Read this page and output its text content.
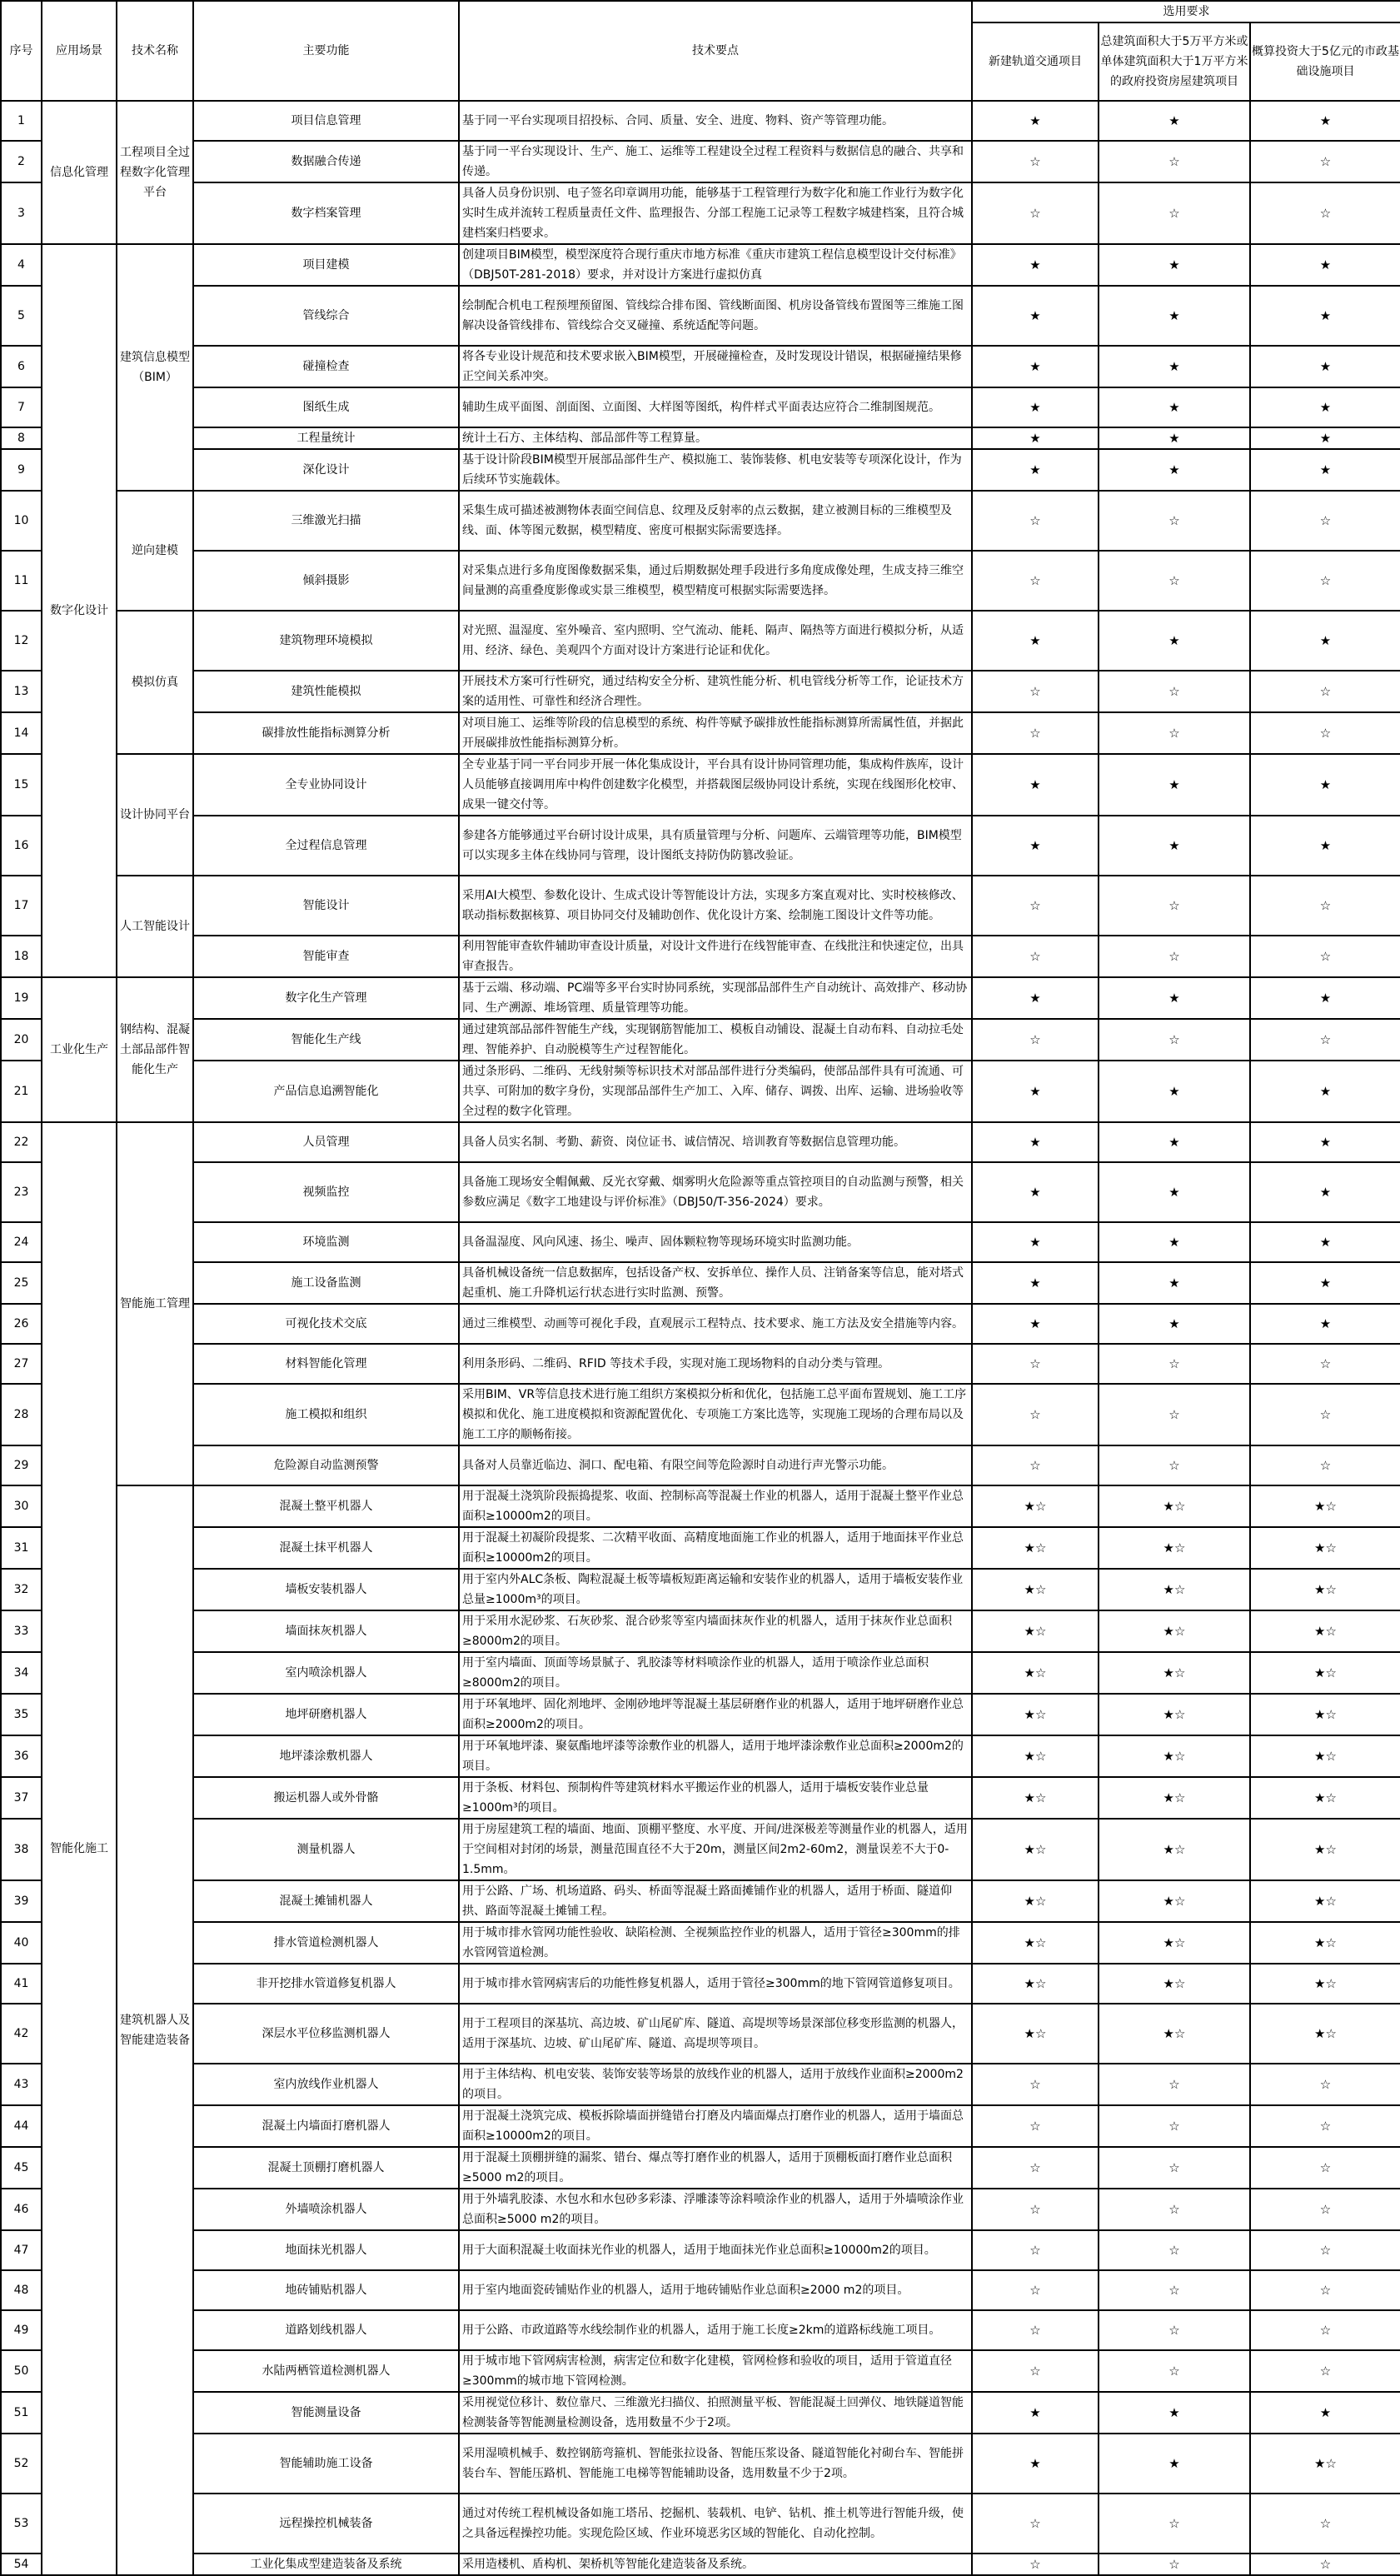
序号	应用场景	技术名称	主要功能	技术要点	选用要求		
					新建轨道交通项目	总建筑面积大于5万平方米或单体建筑面积大于1万平方米的政府投资房屋建筑项目	概算投资大于5亿元的市政基础设施项目
1	信息化管理	工程项目全过程数字化管理平台	项目信息管理	基于同一平台实现项目招投标、合同、质量、安全、进度、物料、资产等管理功能。	★	★	★
2			数据融合传递	基于同一平台实现设计、生产、施工、运维等工程建设全过程工程资料与数据信息的融合、共享和传递。	☆	☆	☆
3			数字档案管理	具备人员身份识别、电子签名印章调用功能，能够基于工程管理行为数字化和施工作业行为数字化实时生成并流转工程质量责任文件、监理报告、分部工程施工记录等工程数字城建档案，且符合城建档案归档要求。	☆	☆	☆
4	数字化设计	建筑信息模型（BIM）	项目建模	创建项目BIM模型，模型深度符合现行重庆市地方标准《重庆市建筑工程信息模型设计交付标准》（DBJ50T-281-2018）要求，并对设计方案进行虚拟仿真	★	★	★
5			管线综合	绘制配合机电工程预埋预留图、管线综合排布图、管线断面图、机房设备管线布置图等三维施工图解决设备管线排布、管线综合交叉碰撞、系统适配等问题。	★	★	★
6			碰撞检查	将各专业设计规范和技术要求嵌入BIM模型，开展碰撞检查，及时发现设计错误，根据碰撞结果修正空间关系冲突。	★	★	★
7			图纸生成	辅助生成平面图、剖面图、立面图、大样图等图纸，构件样式平面表达应符合二维制图规范。	★	★	★
8			工程量统计	统计土石方、主体结构、部品部件等工程算量。	★	★	★
9			深化设计	基于设计阶段BIM模型开展部品部件生产、模拟施工、装饰装修、机电安装等专项深化设计，作为后续环节实施载体。	★	★	★
10		逆向建模	三维激光扫描	采集生成可描述被测物体表面空间信息、纹理及反射率的点云数据，建立被测目标的三维模型及线、面、体等图元数据，模型精度、密度可根据实际需要选择。	☆	☆	☆
11			倾斜摄影	对采集点进行多角度图像数据采集，通过后期数据处理手段进行多角度成像处理，生成支持三维空间量测的高重叠度影像或实景三维模型，模型精度可根据实际需要选择。	☆	☆	☆
12		模拟仿真	建筑物理环境模拟	对光照、温湿度、室外噪音、室内照明、空气流动、能耗、隔声、隔热等方面进行模拟分析，从适用、经济、绿色、美观四个方面对设计方案进行论证和优化。	★	★	★
13			建筑性能模拟	开展技术方案可行性研究，通过结构安全分析、建筑性能分析、机电管线分析等工作，论证技术方案的适用性、可靠性和经济合理性。	☆	☆	☆
14			碳排放性能指标测算分析	对项目施工、运维等阶段的信息模型的系统、构件等赋予碳排放性能指标测算所需属性值，并据此开展碳排放性能指标测算分析。	☆	☆	☆
15		设计协同平台	全专业协同设计	全专业基于同一平台同步开展一体化集成设计，平台具有设计协同管理功能，集成构件族库，设计人员能够直接调用库中构件创建数字化模型，并搭载图层级协同设计系统，实现在线图形化校审、成果一键交付等。	★	★	★
16			全过程信息管理	参建各方能够通过平台研讨设计成果，具有质量管理与分析、问题库、云端管理等功能，BIM模型可以实现多主体在线协同与管理，设计图纸支持防伪防篡改验证。	★	★	★
17		人工智能设计	智能设计	采用AI大模型、参数化设计、生成式设计等智能设计方法，实现多方案直观对比、实时校核修改、联动指标数据核算、项目协同交付及辅助创作、优化设计方案、绘制施工图设计文件等功能。	☆	☆	☆
18			智能审查	利用智能审查软件辅助审查设计质量，对设计文件进行在线智能审查、在线批注和快速定位，出具审查报告。	☆	☆	☆
19	工业化生产	钢结构、混凝土部品部件智能化生产	数字化生产管理	基于云端、移动端、PC端等多平台实时协同系统，实现部品部件生产自动统计、高效排产、移动协同、生产溯源、堆场管理、质量管理等功能。	★	★	★
20			智能化生产线	通过建筑部品部件智能生产线，实现钢筋智能加工、模板自动铺设、混凝土自动布料、自动拉毛处理、智能养护、自动脱模等生产过程智能化。	☆	☆	☆
21			产品信息追溯智能化	通过条形码、二维码、无线射频等标识技术对部品部件进行分类编码，使部品部件具有可流通、可共享、可附加的数字身份，实现部品部件生产加工、入库、储存、调拨、出库、运输、进场验收等全过程的数字化管理。	★	★	★
22	智能化施工	智能施工管理	人员管理	具备人员实名制、考勤、薪资、岗位证书、诚信情况、培训教育等数据信息管理功能。	★	★	★
23			视频监控	具备施工现场安全帽佩戴、反光衣穿戴、烟雾明火危险源等重点管控项目的自动监测与预警，相关参数应满足《数字工地建设与评价标准》（DBJ50/T-356-2024）要求。	★	★	★
24			环境监测	具备温湿度、风向风速、扬尘、噪声、固体颗粒物等现场环境实时监测功能。	★	★	★
25			施工设备监测	具备机械设备统一信息数据库，包括设备产权、安拆单位、操作人员、注销备案等信息，能对塔式起重机、施工升降机运行状态进行实时监测、预警。	★	★	★
26			可视化技术交底	通过三维模型、动画等可视化手段，直观展示工程特点、技术要求、施工方法及安全措施等内容。	★	★	★
27			材料智能化管理	利用条形码、二维码、RFID 等技术手段，实现对施工现场物料的自动分类与管理。	☆	☆	☆
28			施工模拟和组织	采用BIM、VR等信息技术进行施工组织方案模拟分析和优化，包括施工总平面布置规划、施工工序模拟和优化、施工进度模拟和资源配置优化、专项施工方案比选等，实现施工现场的合理布局以及施工工序的顺畅衔接。	☆	☆	☆
29			危险源自动监测预警	具备对人员靠近临边、洞口、配电箱、有限空间等危险源时自动进行声光警示功能。	☆	☆	☆
30		建筑机器人及智能建造装备	混凝土整平机器人	用于混凝土浇筑阶段振捣提浆、收面、控制标高等混凝土作业的机器人，适用于混凝土整平作业总面积≥10000m2的项目。	★☆	★☆	★☆
31			混凝土抹平机器人	用于混凝土初凝阶段提浆、二次精平收面、高精度地面施工作业的机器人，适用于地面抹平作业总面积≥10000m2的项目。	★☆	★☆	★☆
32			墙板安装机器人	用于室内外ALC条板、陶粒混凝土板等墙板短距离运输和安装作业的机器人，适用于墙板安装作业总量≥1000m³的项目。	★☆	★☆	★☆
33			墙面抹灰机器人	用于采用水泥砂浆、石灰砂浆、混合砂浆等室内墙面抹灰作业的机器人，适用于抹灰作业总面积≥8000m2的项目。	★☆	★☆	★☆
34			室内喷涂机器人	用于室内墙面、顶面等场景腻子、乳胶漆等材料喷涂作业的机器人，适用于喷涂作业总面积≥8000m2的项目。	★☆	★☆	★☆
35			地坪研磨机器人	用于环氧地坪、固化剂地坪、金刚砂地坪等混凝土基层研磨作业的机器人，适用于地坪研磨作业总面积≥2000m2的项目。	★☆	★☆	★☆
36			地坪漆涂敷机器人	用于环氧地坪漆、聚氨酯地坪漆等涂敷作业的机器人，适用于地坪漆涂敷作业总面积≥2000m2的项目。	★☆	★☆	★☆
37			搬运机器人或外骨骼	用于条板、材料包、预制构件等建筑材料水平搬运作业的机器人，适用于墙板安装作业总量≥1000m³的项目。	★☆	★☆	★☆
38			测量机器人	用于房屋建筑工程的墙面、地面、顶棚平整度、水平度、开间/进深极差等测量作业的机器人，适用于空间相对封闭的场景，测量范围直径不大于20m，测量区间2m2-60m2，测量误差不大于0-1.5mm。	★☆	★☆	★☆
39			混凝土摊铺机器人	用于公路、广场、机场道路、码头、桥面等混凝土路面摊铺作业的机器人，适用于桥面、隧道仰拱、路面等混凝土摊铺工程。	★☆	★☆	★☆
40			排水管道检测机器人	用于城市排水管网功能性验收、缺陷检测、全视频监控作业的机器人，适用于管径≥300mm的排水管网管道检测。	★☆	★☆	★☆
41			非开挖排水管道修复机器人	用于城市排水管网病害后的功能性修复机器人，适用于管径≥300mm的地下管网管道修复项目。	★☆	★☆	★☆
42			深层水平位移监测机器人	用于工程项目的深基坑、高边坡、矿山尾矿库、隧道、高堤坝等场景深部位移变形监测的机器人，适用于深基坑、边坡、矿山尾矿库、隧道、高堤坝等项目。	★☆	★☆	★☆
43			室内放线作业机器人	用于主体结构、机电安装、装饰安装等场景的放线作业的机器人，适用于放线作业面积≥2000m2的项目。	☆	☆	☆
44			混凝土内墙面打磨机器人	用于混凝土浇筑完成、模板拆除墙面拼缝错台打磨及内墙面爆点打磨作业的机器人，适用于墙面总面积≥10000m2的项目。	☆	☆	☆
45			混凝土顶棚打磨机器人	用于混凝土顶棚拼缝的漏浆、错台、爆点等打磨作业的机器人，适用于顶棚板面打磨作业总面积≥5000 m2的项目。	☆	☆	☆
46			外墙喷涂机器人	用于外墙乳胶漆、水包水和水包砂多彩漆、浮雕漆等涂料喷涂作业的机器人，适用于外墙喷涂作业总面积≥5000 m2的项目。	☆	☆	☆
47			地面抹光机器人	用于大面积混凝土收面抹光作业的机器人，适用于地面抹光作业总面积≥10000m2的项目。	☆	☆	☆
48			地砖铺贴机器人	用于室内地面瓷砖铺贴作业的机器人，适用于地砖铺贴作业总面积≥2000 m2的项目。	☆	☆	☆
49			道路划线机器人	用于公路、市政道路等水线绘制作业的机器人，适用于施工长度≥2km的道路标线施工项目。	☆	☆	☆
50			水陆两栖管道检测机器人	用于城市地下管网病害检测，病害定位和数字化建模，管网检修和验收的项目，适用于管道直径≥300mm的城市地下管网检测。	☆	☆	☆
51			智能测量设备	采用视觉位移计、数位靠尺、三维激光扫描仪、拍照测量平板、智能混凝土回弹仪、地铁隧道智能检测装备等智能测量检测设备，选用数量不少于2项。	★	★	★
52			智能辅助施工设备	采用湿喷机械手、数控钢筋弯箍机、智能张拉设备、智能压浆设备、隧道智能化衬砌台车、智能拼装台车、智能压路机、智能施工电梯等智能辅助设备，选用数量不少于2项。	★	★	★☆
53			远程操控机械装备	通过对传统工程机械设备如施工塔吊、挖掘机、装载机、电铲、钻机、推土机等进行智能升级，使之具备远程操控功能。实现危险区域、作业环境恶劣区域的智能化、自动化控制。	☆	☆	☆
54			工业化集成型建造装备及系统	采用造楼机、盾构机、架桥机等智能化建造装备及系统。	☆	☆	☆
